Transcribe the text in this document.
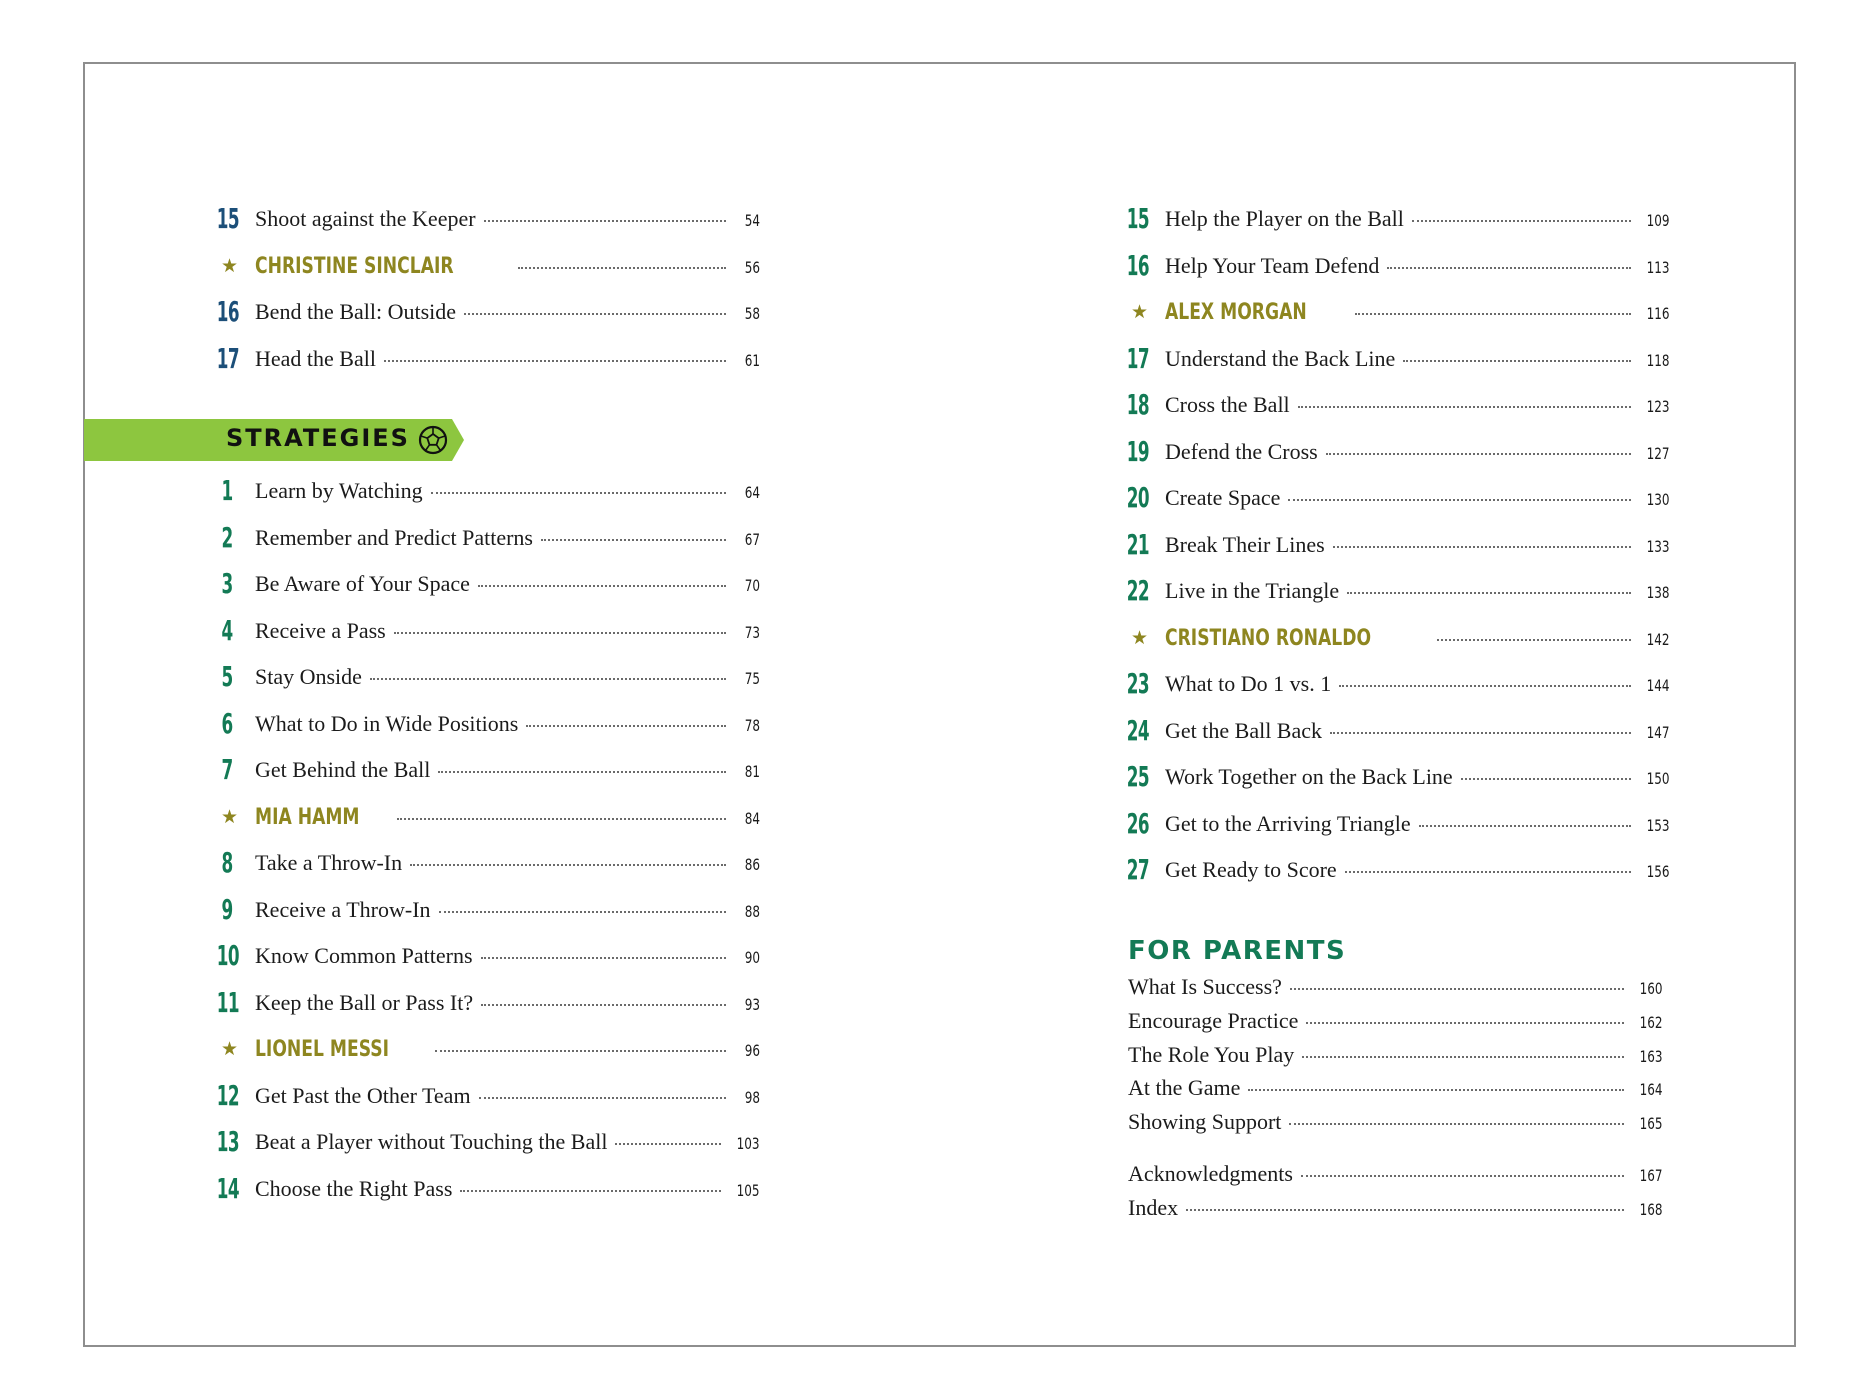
15 Shoot against the Keeper	54
★ CHRISTINE SINCLAIR	56
16 Bend the Ball: Outside	58
17 Head the Ball	61
STRATEGIES
1 Learn by Watching	64
2 Remember and Predict Patterns	67
3 Be Aware of Your Space	70
4 Receive a Pass	73
5 Stay Onside	75
6 What to Do in Wide Positions	78
7 Get Behind the Ball	81
★ MIA HAMM	84
8 Take a Throw-In	86
9 Receive a Throw-In	88
10 Know Common Patterns	90
11 Keep the Ball or Pass It?	93
★ LIONEL MESSI	96
12 Get Past the Other Team	98
13 Beat a Player without Touching the Ball	103
14 Choose the Right Pass	105
15 Help the Player on the Ball	109
16 Help Your Team Defend	113
★ ALEX MORGAN	116
17 Understand the Back Line	118
18 Cross the Ball	123
19 Defend the Cross	127
20 Create Space	130
21 Break Their Lines	133
22 Live in the Triangle	138
★ CRISTIANO RONALDO	142
23 What to Do 1 vs. 1	144
24 Get the Ball Back	147
25 Work Together on the Back Line	150
26 Get to the Arriving Triangle	153
27 Get Ready to Score	156
FOR PARENTS
What Is Success?	160
Encourage Practice	162
The Role You Play	163
At the Game	164
Showing Support	165
Acknowledgments	167
Index	168
